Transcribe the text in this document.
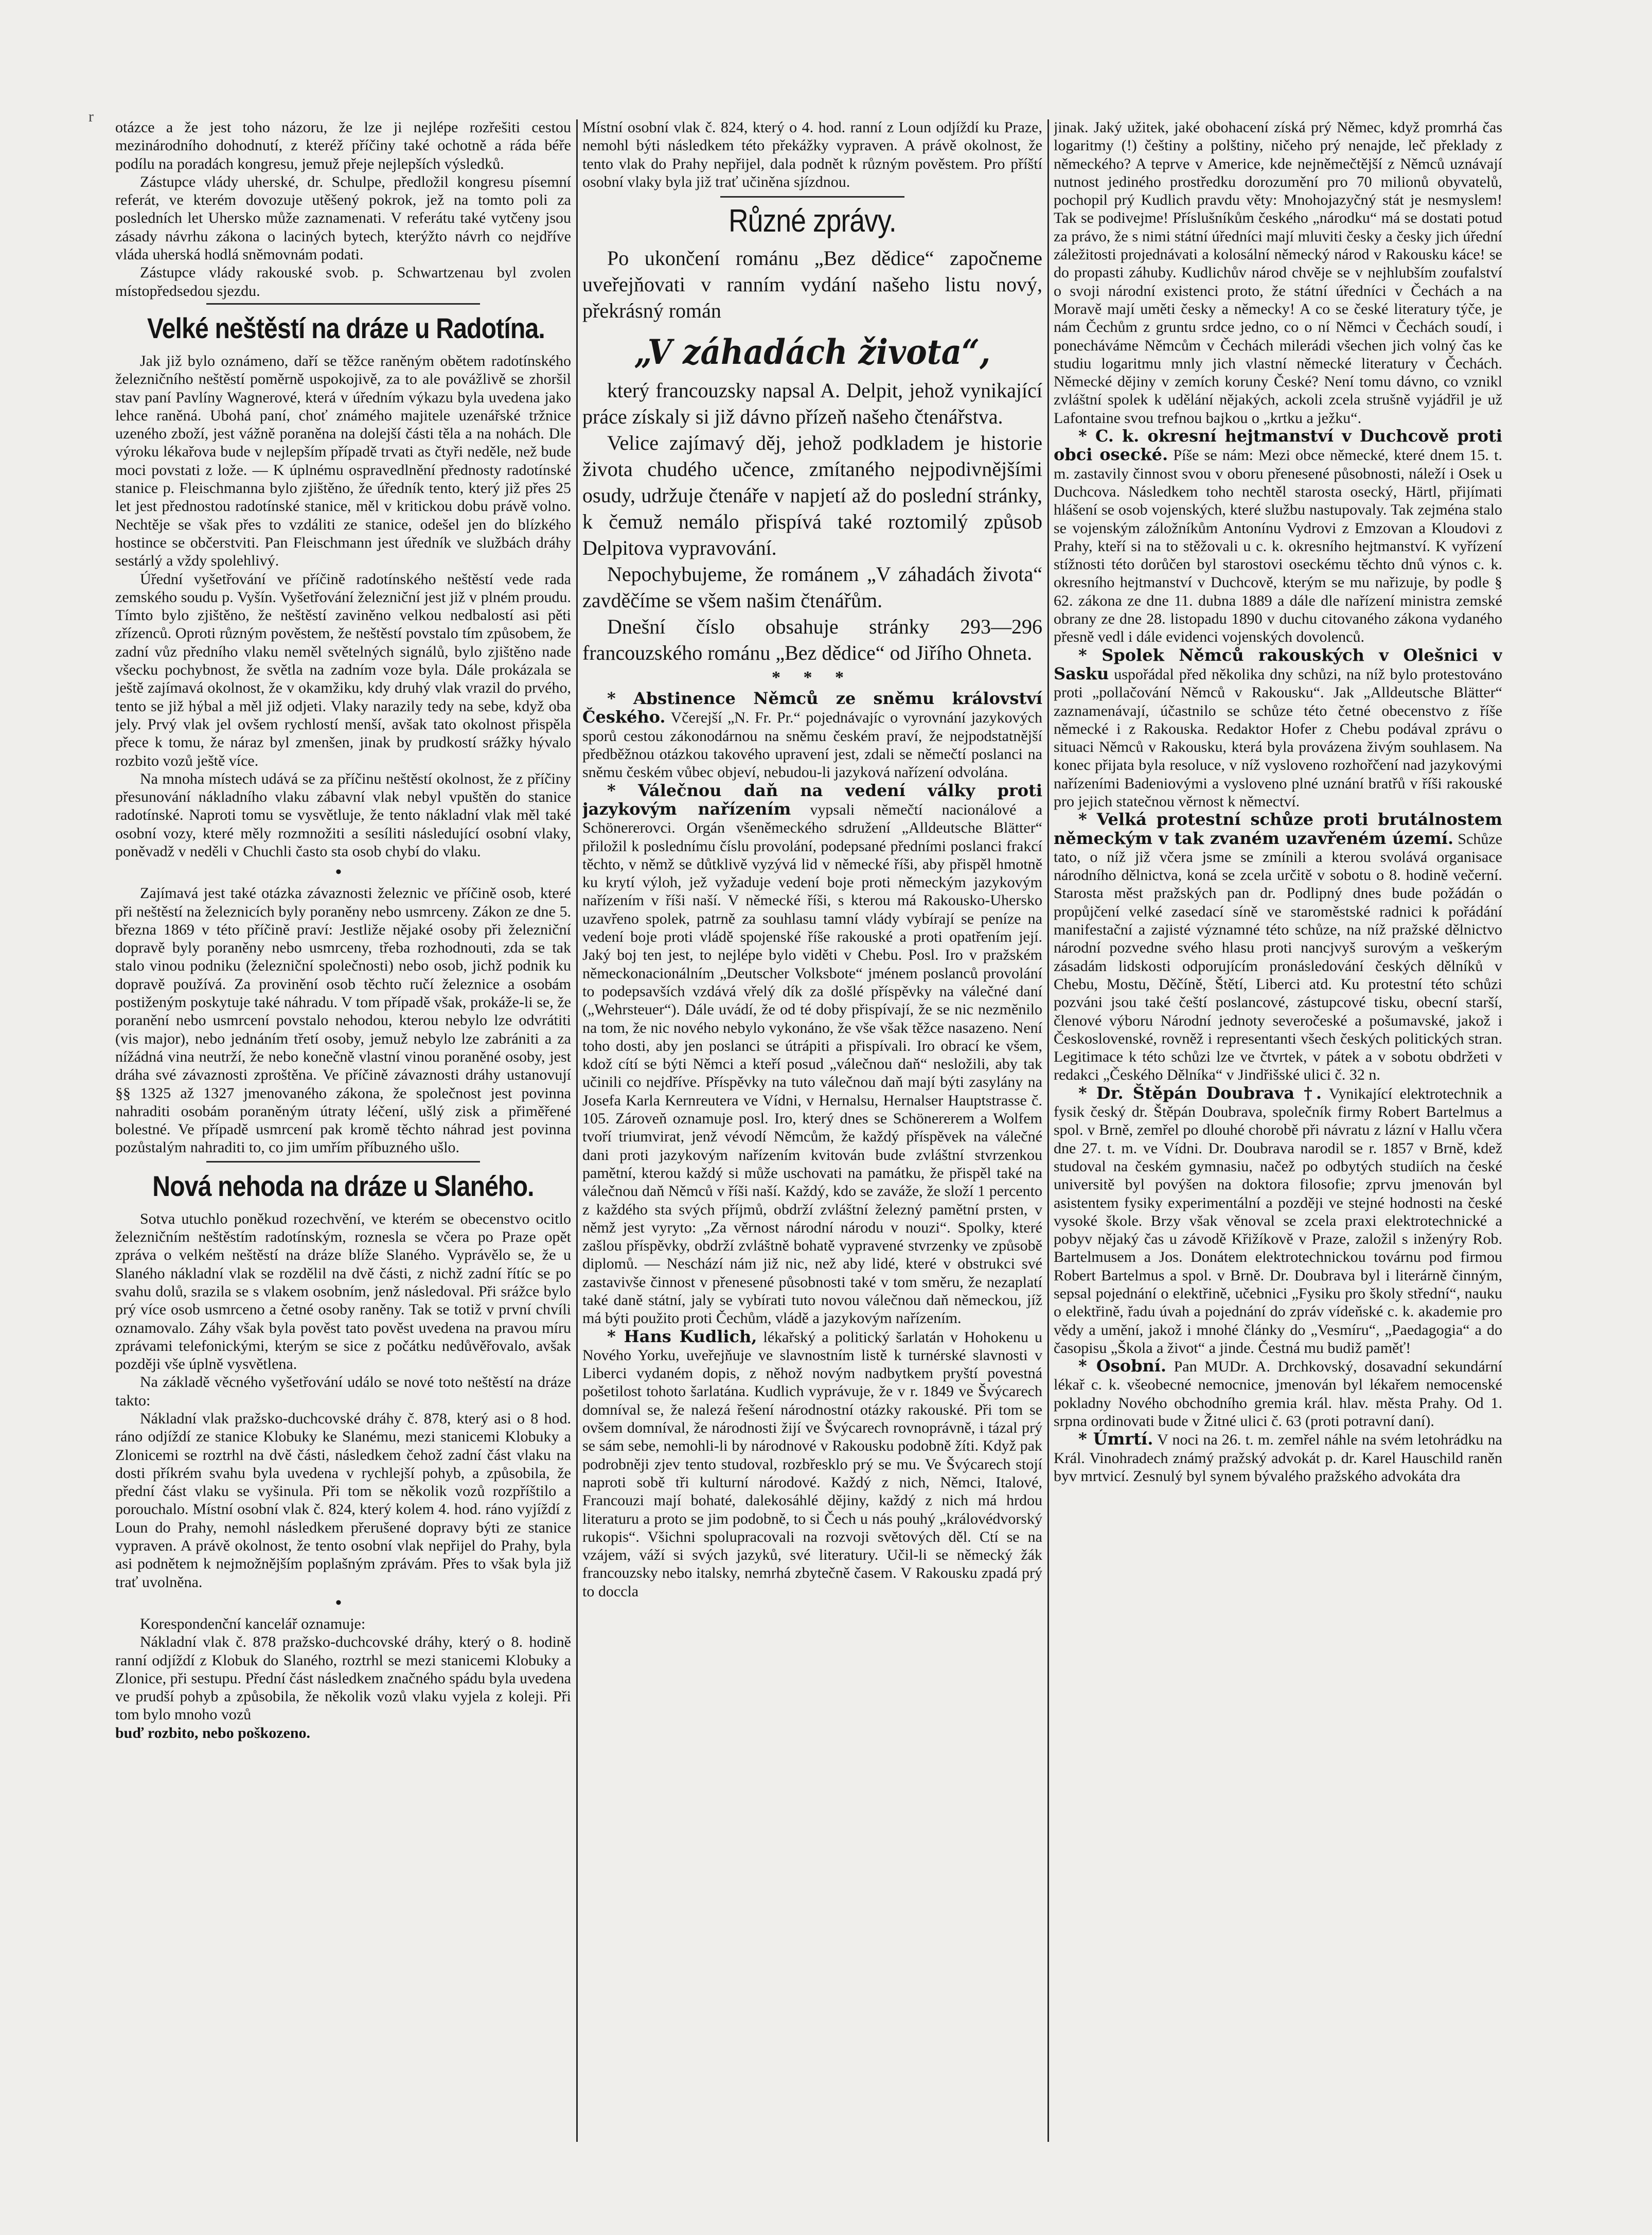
r

otázce a že jest toho názoru, že lze ji nejlépe rozřešiti cestou mezinárodního dohodnutí, z kteréž příčiny také ochotně a ráda béře podílu na poradách kongresu, jemuž přeje nejlepších výsledků.

Zástupce vlády uherské, dr. Schulpe, předložil kongresu písemní referát, ve kterém dovozuje utěšený pokrok, jež na tomto poli za posledních let Uhersko může zaznamenati. V referátu také vytčeny jsou zásady návrhu zákona o laciných bytech, kterýžto návrh co nejdříve vláda uherská hodlá sněmovnám podati.

Zástupce vlády rakouské svob. p. Schwartzenau byl zvolen místopředsedou sjezdu.

Velké neštěstí na dráze u Radotína.

Jak již bylo oznámeno, daří se těžce raněným obětem radotínského železničního neštěstí poměrně uspokojivě, za to ale povážlivě se zhoršil stav paní Pavlíny Wagnerové, která v úředním výkazu byla uvedena jako lehce raněná. Ubohá paní, choť známého majitele uzenářské tržnice uzeného zboží, jest vážně poraněna na dolejší části těla a na nohách. Dle výroku lékařova bude v nejlepším případě trvati as čtyři neděle, než bude moci povstati z lože. — K úplnému ospravedlnění přednosty radotínské stanice p. Fleischmanna bylo zjištěno, že úředník tento, který již přes 25 let jest přednostou radotínské stanice, měl v kritickou dobu právě volno. Nechtěje se však přes to vzdáliti ze stanice, odešel jen do blízkého hostince se občerstviti. Pan Fleischmann jest úředník ve službách dráhy sestárlý a vždy spolehlivý.

Úřední vyšetřování ve příčině radotínského neštěstí vede rada zemského soudu p. Vyšín. Vyšetřování železniční jest již v plném proudu. Tímto bylo zjištěno, že neštěstí zaviněno velkou nedbalostí asi pěti zřízenců. Oproti různým pověstem, že neštěstí povstalo tím způsobem, že zadní vůz předního vlaku neměl světelných signálů, bylo zjištěno nade všecku pochybnost, že světla na zadním voze byla. Dále prokázala se ještě zajímavá okolnost, že v okamžiku, kdy druhý vlak vrazil do prvého, tento se již hýbal a měl již odjeti. Vlaky narazily tedy na sebe, když oba jely. Prvý vlak jel ovšem rychlostí menší, avšak tato okolnost přispěla přece k tomu, že náraz byl zmenšen, jinak by prudkostí srážky hývalo rozbito vozů ještě více.

Na mnoha místech udává se za příčinu neštěstí okolnost, že z příčiny přesunování nákladního vlaku zábavní vlak nebyl vpuštěn do stanice radotínské. Naproti tomu se vysvětluje, že tento nákladní vlak měl také osobní vozy, které měly rozmnožiti a sesíliti následující osobní vlaky, poněvadž v neděli v Chuchli často sta osob chybí do vlaku.

•

Zajímavá jest také otázka závaznosti železnic ve příčině osob, které při neštěstí na železnicích byly poraněny nebo usmrceny. Zákon ze dne 5. března 1869 v této příčině praví: Jestliže nějaké osoby při železniční dopravě byly poraněny nebo usmrceny, třeba rozhodnouti, zda se tak stalo vinou podniku (železniční společnosti) nebo osob, jichž podnik ku dopravě používá. Za provinění osob těchto ručí železnice a osobám postiženým poskytuje také náhradu. V tom případě však, prokáže-li se, že poranění nebo usmrcení povstalo nehodou, kterou nebylo lze odvrátiti (vis major), nebo jednáním třetí osoby, jemuž nebylo lze zabrániti a za nížádná vina neutrží, že nebo konečně vlastní vinou poraněné osoby, jest dráha své závaznosti zproštěna. Ve příčině závaznosti dráhy ustanovují §§ 1325 až 1327 jmenovaného zákona, že společnost jest povinna nahraditi osobám poraněným útraty léčení, ušlý zisk a přiměřené bolestné. Ve případě usmrcení pak kromě těchto náhrad jest povinna pozůstalým nahraditi to, co jim umřím příbuzného ušlo.

Nová nehoda na dráze u Slaného.

Sotva utuchlo poněkud rozechvění, ve kterém se obecenstvo ocitlo železničním neštěstím radotínským, roznesla se včera po Praze opět zpráva o velkém neštěstí na dráze blíže Slaného. Vyprávělo se, že u Slaného nákladní vlak se rozdělil na dvě části, z nichž zadní řítíc se po svahu dolů, srazila se s vlakem osobním, jenž následoval. Při srážce bylo prý více osob usmrceno a četné osoby raněny. Tak se totiž v první chvíli oznamovalo. Záhy však byla pověst tato pověst uvedena na pravou míru zprávami telefonickými, kterým se sice z počátku nedůvěřovalo, avšak později vše úplně vysvětlena.

Na základě věcného vyšetřování událo se nové toto neštěstí na dráze takto:

Nákladní vlak pražsko-duchcovské dráhy č. 878, který asi o 8 hod. ráno odjíždí ze stanice Klobuky ke Slanému, mezi stanicemi Klobuky a Zlonicemi se roztrhl na dvě části, následkem čehož zadní část vlaku na dosti příkrém svahu byla uvedena v rychlejší pohyb, a způsobila, že přední část vlaku se vyšinula. Při tom se několik vozů rozpříštilo a porouchalo. Místní osobní vlak č. 824, který kolem 4. hod. ráno vyjíždí z Loun do Prahy, nemohl následkem přerušené dopravy býti ze stanice vypraven. A právě okolnost, že tento osobní vlak nepřijel do Prahy, byla asi podnětem k nejmožnějším poplašným zprávám. Přes to však byla již trať uvolněna.

•

Korespondenční kancelář oznamuje:

Nákladní vlak č. 878 pražsko-duchcovské dráhy, který o 8. hodině ranní odjíždí z Klobuk do Slaného, roztrhl se mezi stanicemi Klobuky a Zlonice, při sestupu. Přední část následkem značného spádu byla uvedena ve prudší pohyb a způsobila, že několik vozů vlaku vyjela z koleji. Při tom bylo mnoho vozů

buď rozbito, nebo poškozeno.

Místní osobní vlak č. 824, který o 4. hod. ranní z Loun odjíždí ku Praze, nemohl býti následkem této překážky vypraven. A právě okolnost, že tento vlak do Prahy nepřijel, dala podnět k různým pověstem. Pro příští osobní vlaky byla již trať učiněna sjízdnou.

Různé zprávy.

Po ukončení románu „Bez dědice“ započneme uveřejňovati v ranním vydání našeho listu nový, překrásný román

„V záhadách života“,

který francouzsky napsal A. Delpit, jehož vynikající práce získaly si již dávno přízeň našeho čtenářstva.

Velice zajímavý děj, jehož podkladem je historie života chudého učence, zmítaného nejpodivnějšími osudy, udržuje čtenáře v napjetí až do poslední stránky, k čemuž nemálo přispívá také roztomilý způsob Delpitova vypravování.

Nepochybujeme, že románem „V záhadách života“ zavděčíme se všem našim čtenářům.

Dnešní číslo obsahuje stránky 293—296 francouzského románu „Bez dědice“ od Jiřího Ohneta.

* * *

* Abstinence Němců ze sněmu království Českého. Včerejší „N. Fr. Pr.“ pojednávajíc o vyrovnání jazykových sporů cestou zákonodárnou na sněmu českém praví, že nejpodstatnější předběžnou otázkou takového upravení jest, zdali se němečtí poslanci na sněmu českém vůbec objeví, nebudou-li jazyková nařízení odvolána.

* Válečnou daň na vedení války proti jazykovým nařízením vypsali němečtí nacionálové a Schönererovci. Orgán všeněmeckého sdružení „Alldeutsche Blätter“ přiložil k poslednímu číslu provolání, podepsané předními poslanci frakcí těchto, v němž se důtklivě vyzývá lid v německé říši, aby přispěl hmotně ku krytí výloh, jež vyžaduje vedení boje proti německým jazykovým nařízením v říši naší. V německé říši, s kterou má Rakousko-Uhersko uzavřeno spolek, patrně za souhlasu tamní vlády vybírají se peníze na vedení boje proti vládě spojenské říše rakouské a proti opatřením její. Jaký boj ten jest, to nejlépe bylo viděti v Chebu. Posl. Iro v pražském německonacionálním „Deutscher Volksbote“ jménem poslanců provolání to podepsavších vzdává vřelý dík za došlé příspěvky na válečné daní („Wehrsteuer“). Dále uvádí, že od té doby přispívají, že se nic nezměnilo na tom, že nic nového nebylo vykonáno, že vše však těžce nasazeno. Není toho dosti, aby jen poslanci se útrápiti a přispívali. Iro obrací ke všem, kdož cítí se býti Němci a kteří posud „válečnou daň“ nesložili, aby tak učinili co nejdříve. Příspěvky na tuto válečnou daň mají býti zasylány na Josefa Karla Kernreutera ve Vídni, v Hernalsu, Hernalser Hauptstrasse č. 105. Zároveň oznamuje posl. Iro, který dnes se Schönererem a Wolfem tvoří triumvirat, jenž vévodí Němcům, že každý příspěvek na válečné dani proti jazykovým nařízením kvitován bude zvláštní stvrzenkou pamětní, kterou každý si může uschovati na památku, že přispěl také na válečnou daň Němců v říši naší. Každý, kdo se zaváže, že složí 1 percento z každého sta svých příjmů, obdrží zvláštní železný pamětní prsten, v němž jest vyryto: „Za věrnost národní národu v nouzi“. Spolky, které zašlou příspěvky, obdrží zvláštně bohatě vypravené stvrzenky ve způsobě diplomů. — Neschází nám již nic, než aby lidé, které v obstrukci své zastavivše činnost v přenesené působnosti také v tom směru, že nezaplatí také daně státní, jaly se vybírati tuto novou válečnou daň německou, jíž má býti použito proti Čechům, vládě a jazykovým nařízením.

* Hans Kudlich, lékařský a politický šarlatán v Hohokenu u Nového Yorku, uveřejňuje ve slavnostním listě k turnérské slavnosti v Liberci vydaném dopis, z něhož novým nadbytkem pryští povestná pošetilost tohoto šarlatána. Kudlich vyprávuje, že v r. 1849 ve Švýcarech domníval se, že nalezá řešení národnostní otázky rakouské. Při tom se ovšem domníval, že národnosti žijí ve Švýcarech rovnoprávně, i tázal prý se sám sebe, nemohli-li by národnové v Rakousku podobně žíti. Když pak podrobněji zjev tento studoval, rozbřesklo prý se mu. Ve Švýcarech stojí naproti sobě tři kulturní národové. Každý z nich, Němci, Italové, Francouzi mají bohaté, dalekosáhlé dějiny, každý z nich má hrdou literaturu a proto se jim podobně, to si Čech u nás pouhý „královédvorský rukopis“. Všichni spolupracovali na rozvoji světových děl. Ctí se na vzájem, váží si svých jazyků, své literatury. Učil-li se německý žák francouzsky nebo italsky, nemrhá zbytečně časem. V Rakousku zpadá prý to doccla

jinak. Jaký užitek, jaké obohacení získá prý Němec, když promrhá čas logaritmy (!) češtiny a polštiny, ničeho prý nenajde, leč překlady z německého? A teprve v Americe, kde nejněmečtější z Němců uznávají nutnost jediného prostředku dorozumění pro 70 milionů obyvatelů, pochopil prý Kudlich pravdu věty: Mnohojazyčný stát je nesmyslem! Tak se podivejme! Příslušníkům českého „národku“ má se dostati potud za právo, že s nimi státní úředníci mají mluviti česky a česky jich úřední záležitosti projednávati a kolosální německý národ v Rakousku káce! se do propasti záhuby. Kudlichův národ chvěje se v nejhlubším zoufalství o svoji národní existenci proto, že státní úředníci v Čechách a na Moravě mají uměti česky a německy! A co se české literatury týče, je nám Čechům z gruntu srdce jedno, co o ní Němci v Čechách soudí, i ponecháváme Němcům v Čechách milerádi všechen jich volný čas ke studiu logaritmu mnly jich vlastní německé literatury v Čechách. Německé dějiny v zemích koruny České? Není tomu dávno, co vznikl zvláštní spolek k udělání nějakých, ackoli zcela strušně vyjádřil je už Lafontaine svou trefnou bajkou o „krtku a ježku“.

* C. k. okresní hejtmanství v Duchcově proti obci osecké. Píše se nám: Mezi obce německé, které dnem 15. t. m. zastavily činnost svou v oboru přenesené působnosti, náleží i Osek u Duchcova. Následkem toho nechtěl starosta osecký, Härtl, přijímati hlášení se osob vojenských, které službu nastupovaly. Tak zejména stalo se vojenským záložníkům Antonínu Vydrovi z Emzovan a Kloudovi z Prahy, kteří si na to stěžovali u c. k. okresního hejtmanství. K vyřízení stížnosti této dorůčen byl starostovi oseckému těchto dnů výnos c. k. okresního hejtmanství v Duchcově, kterým se mu nařizuje, by podle § 62. zákona ze dne 11. dubna 1889 a dále dle nařízení ministra zemské obrany ze dne 28. listopadu 1890 v duchu citovaného zákona vydaného přesně vedl i dále evidenci vojenských dovolenců.

* Spolek Němců rakouských v Olešnici v Sasku uspořádal před několika dny schůzi, na níž bylo protestováno proti „pollačování Němců v Rakousku“. Jak „Alldeutsche Blätter“ zaznamenávají, účastnilo se schůze této četné obecenstvo z říše německé i z Rakouska. Redaktor Hofer z Chebu podával zprávu o situaci Němců v Rakousku, která byla provázena živým souhlasem. Na konec přijata byla resoluce, v níž vysloveno rozhořčení nad jazykovými nařízeními Badeniovými a vysloveno plné uznání bratřů v říši rakouské pro jejich statečnou věrnost k němectví.

* Velká protestní schůze proti brutálnostem německým v tak zvaném uzavřeném území. Schůze tato, o níž již včera jsme se zmínili a kterou svolává organisace národního dělnictva, koná se zcela určitě v sobotu o 8. hodině večerní. Starosta měst pražských pan dr. Podlipný dnes bude požádán o propůjčení velké zasedací síně ve staroměstské radnici k pořádání manifestační a zajisté významné této schůze, na níž pražské dělnictvo národní pozvedne svého hlasu proti nancjvyš surovým a veškerým zásadám lidskosti odporujícím pronásledování českých dělníků v Chebu, Mostu, Děčíně, Štětí, Liberci atd. Ku protestní této schůzi pozváni jsou také čeští poslancové, zástupcové tisku, obecní starší, členové výboru Národní jednoty severočeské a pošumavské, jakož i Československé, rovněž i representanti všech českých politických stran. Legitimace k této schůzi lze ve čtvrtek, v pátek a v sobotu obdržeti v redakci „Českého Dělníka“ v Jindřišské ulici č. 32 n.

* Dr. Štěpán Doubrava †. Vynikající elektrotechnik a fysik český dr. Štěpán Doubrava, společník firmy Robert Bartelmus a spol. v Brně, zemřel po dlouhé chorobě při návratu z lázní v Hallu včera dne 27. t. m. ve Vídni. Dr. Doubrava narodil se r. 1857 v Brně, kdež studoval na českém gymnasiu, načež po odbytých studiích na české universitě byl povýšen na doktora filosofie; zprvu jmenován byl asistentem fysiky experimentální a později ve stejné hodnosti na české vysoké škole. Brzy však věnoval se zcela praxi elektrotechnické a pobyv nějaký čas u závodě Křižíkově v Praze, založil s inženýry Rob. Bartelmusem a Jos. Donátem elektrotechnickou továrnu pod firmou Robert Bartelmus a spol. v Brně. Dr. Doubrava byl i literárně činným, sepsal pojednání o elektřině, učebnici „Fysiku pro školy střední“, nauku o elektřině, řadu úvah a pojednání do zpráv vídeňské c. k. akademie pro vědy a umění, jakož i mnohé články do „Vesmíru“, „Paedagogia“ a do časopisu „Škola a život“ a jinde. Čestná mu budiž paměť!

* Osobní. Pan MUDr. A. Drchkovský, dosavadní sekundární lékař c. k. všeobecné nemocnice, jmenován byl lékařem nemocenské pokladny Nového obchodního gremia král. hlav. města Prahy. Od 1. srpna ordinovati bude v Žitné ulici č. 63 (proti potravní daní).

* Úmrtí. V noci na 26. t. m. zemřel náhle na svém letohrádku na Král. Vinohradech známý pražský advokát p. dr. Karel Hauschild raněn byv mrtvicí. Zesnulý byl synem bývalého pražského advokáta dra
